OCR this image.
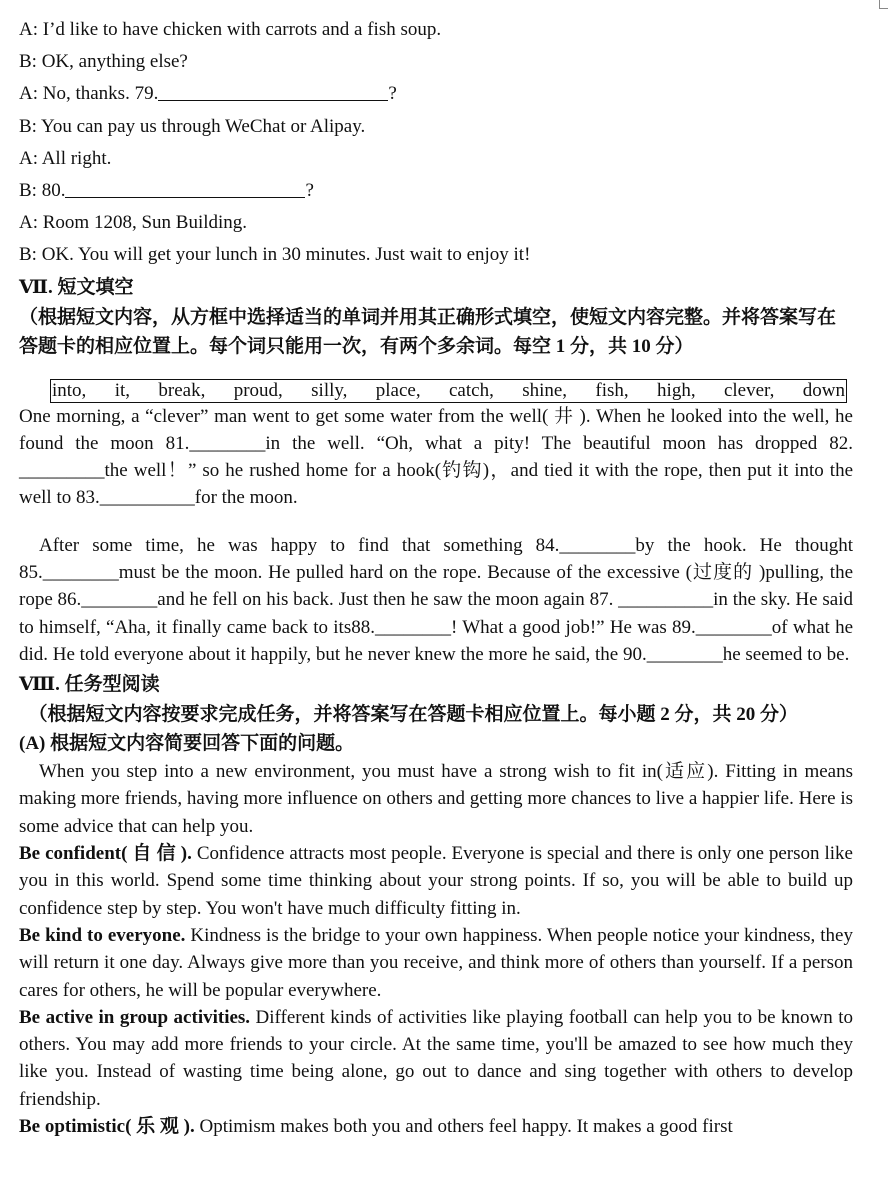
A: I’d like to have chicken with carrots and a fish soup.
B: OK, anything else?
A: No, thanks. 79.	?
B: You can pay us through WeChat or Alipay.
A: All right.
B: 80.	?
A: Room 1208, Sun Building.
B: OK. You will get your lunch in 30 minutes. Just wait to enjoy it!
Ⅶ. 短文填空
（根据短文内容，从方框中选择适当的单词并用其正确形式填空，使短文内容完整。并将答案写在答题卡的相应位置上。每个词只能用一次，有两个多余词。每空 1 分，共 10 分）
into, it, break, proud, silly, place, catch, shine, fish, high, clever, down
One morning, a “clever” man went to get some water from the well( 井 ). When he looked into the well, he found the moon 81.________in the well. “Oh, what a pity! The beautiful moon has dropped 82. _________the well！” so he rushed home for a hook(钓钩)，and tied it with the rope, then put it into the well to 83.__________for the moon.
After some time, he was happy to find that something 84.________by the hook. He thought 85.________must be the moon. He pulled hard on the rope. Because of the excessive (过度的 )pulling, the rope 86.________and he fell on his back. Just then he saw the moon again 87. __________in the sky. He said to himself, “Aha, it finally came back to its88.________! What a good job!” He was 89.________of what he did. He told everyone about it happily, but he never knew the more he said, the 90.________he seemed to be.
Ⅷ. 任务型阅读
（根据短文内容按要求完成任务，并将答案写在答题卡相应位置上。每小题 2 分，共 20 分）
(A) 根据短文内容简要回答下面的问题。
When you step into a new environment, you must have a strong wish to fit in(适应). Fitting in means making more friends, having more influence on others and getting more chances to live a happier life. Here is some advice that can help you.
Be confident( 自 信 ). Confidence attracts most people. Everyone is special and there is only one person like you in this world. Spend some time thinking about your strong points. If so, you will be able to build up confidence step by step. You won't have much difficulty fitting in.
Be kind to everyone. Kindness is the bridge to your own happiness. When people notice your kindness, they will return it one day. Always give more than you receive, and think more of others than yourself. If a person cares for others, he will be popular everywhere.
Be active in group activities. Different kinds of activities like playing football can help you to be known to others. You may add more friends to your circle. At the same time, you'll be amazed to see how much they like you. Instead of wasting time being alone, go out to dance and sing together with others to develop friendship.
Be optimistic( 乐 观 ). Optimism makes both you and others feel happy. It makes a good first
